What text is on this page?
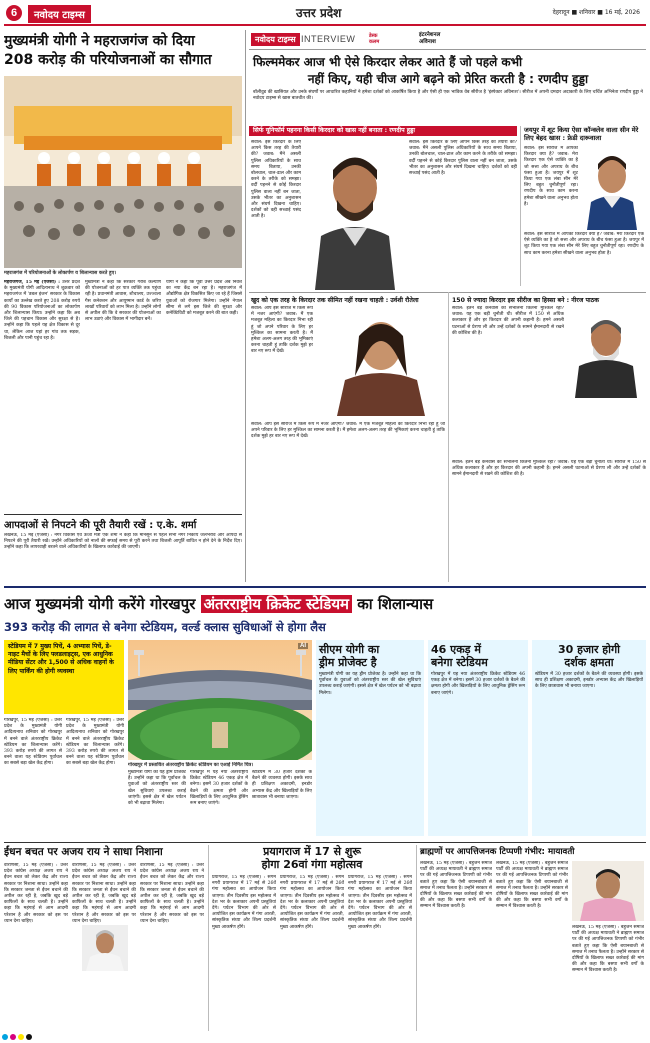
6	नवोदय टाइम्स	उत्तर प्रदेश	देहरादून ■ शनिवार ■ 16 मई, 2026
मुख्यमंत्री योगी ने महराजगंज को दिया
208 करोड़ की परियोजनाओं का सौगात
महराजगंज में परियोजनाओं के लोकार्पण व शिलान्यास करते हुए।
महराजगंज, 15 मई (एजेंसी) : उत्तर प्रदेश के मुख्यमंत्री योगी आदित्यनाथ ने शुक्रवार को महराजगंज में 'डबल इंजन' सरकार के विकास कार्यों का उल्लेख करते हुए 208 करोड़ रुपये की 90 विकास परियोजनाओं का लोकार्पण और शिलान्यास किया। उन्होंने कहा कि अब जिले की पहचान विकास और सुरक्षा से है। उन्होंने कहा कि पहले यह क्षेत्र विकास से दूर था, लेकिन आज यहां हर गांव तक सड़क, बिजली और पानी पहुंच रहा है।
मुख्यमंत्री ने कहा कि सरकार गरीब कल्याण की योजनाओं को हर पात्र व्यक्ति तक पहुंचा रही है। प्रधानमंत्री आवास, शौचालय, उज्ज्वला गैस कनेक्शन और आयुष्मान कार्ड के जरिए लाखों परिवारों को लाभ मिला है। उन्होंने लोगों से अपील की कि वे सरकार की योजनाओं का लाभ उठाएं और विकास में भागीदार बनें।
योगी ने कहा कि पूर्वी उत्तर प्रदेश अब निवेश का नया केंद्र बन रहा है। महराजगंज में औद्योगिक क्षेत्र विकसित किए जा रहे हैं जिससे युवाओं को रोजगार मिलेगा। उन्होंने नेपाल सीमा से लगे इस जिले की सुरक्षा और कनेक्टिविटी को मजबूत करने की बात कही।
आपदाओं से निपटने की पूरी तैयारी रखें : ए.के. शर्मा
लखनऊ, 15 मई (एजेंसी) : नगर विकास एवं ऊर्जा मंत्री एके शर्मा ने कहा कि मानसून से पहले सभी नगर निकाय जलभराव और आपदा से निपटने की पूरी तैयारी रखें। उन्होंने अधिकारियों को नालों की सफाई समय से पूरी करने तथा बिजली आपूर्ति बाधित न होने देने के निर्देश दिए। उन्होंने कहा कि लापरवाही बरतने वाले अधिकारियों के खिलाफ कार्रवाई की जाएगी।
नवोदय टाइम्स INTERVIEW	डेस्क
कलम
इंटरनेशनल
अविनाश
फिल्ममेकर आज भी ऐसे किरदार लेकर आते हैं जो पहले कभी
नहीं किए, यही चीज आगे बढ़ने को प्रेरित करती है : रणदीप हुड्डा
बॉलीवुड की खासियत और उनके संघर्षों पर आधारित कहानियों ने हमेशा दर्शकों को आकर्षित किया है और ऐसी ही एक भाविक वेब सीरीज है 'इंस्पेक्टर अविनाश'। सीरीज में अपनी दमदार अदाकारी के लिए चर्चित अभिनेता रणदीप हुड्डा ने नवोदय टाइम्स से खास बातचीत की।
सिर्फ यूनिफॉर्म पहनना किसी किरदार को खास नहीं बनाता : रणदीप हुड्डा
सवाल: इस किरदार के लिए आपने किस तरह की तैयारी की? जवाब: मैंने असली पुलिस अधिकारियों के साथ समय बिताया, उनकी बोलचाल, चाल-ढाल और काम करने के तरीके को समझा। वर्दी पहनने से कोई किरदार पुलिस वाला नहीं बन जाता, उसके भीतर का अनुशासन और संघर्ष दिखना चाहिए। दर्शकों को वही सच्चाई पसंद आती है।
सवाल: इस किरदार के लिए आपने किस तरह की तैयारी की? जवाब: मैंने असली पुलिस अधिकारियों के साथ समय बिताया, उनकी बोलचाल, चाल-ढाल और काम करने के तरीके को समझा। वर्दी पहनने से कोई किरदार पुलिस वाला नहीं बन जाता, उसके भीतर का अनुशासन और संघर्ष दिखना चाहिए। दर्शकों को वही सच्चाई पसंद आती है।
जयपुर में शूट किया ऐसा कॉन्क्लेव वाला सीन मेरे लिए बेहद खास : फ्रेडी दारूवाला
सवाल: इस सीरीज में आपका किरदार क्या है? जवाब: मेरा किरदार एक ऐसे व्यक्ति का है जो सत्ता और अपराध के बीच फंसा हुआ है। जयपुर में शूट किया गया एक लंबा सीन मेरे लिए बहुत चुनौतीपूर्ण रहा। रणदीप के साथ काम करना हमेशा सीखने वाला अनुभव होता है।
सवाल: इस सीरीज में आपका किरदार क्या है? जवाब: मेरा किरदार एक ऐसे व्यक्ति का है जो सत्ता और अपराध के बीच फंसा हुआ है। जयपुर में शूट किया गया एक लंबा सीन मेरे लिए बहुत चुनौतीपूर्ण रहा। रणदीप के साथ काम करना हमेशा सीखने वाला अनुभव होता है।
खुद को एक तरह के किरदार तक सीमित नहीं रखना चाहती : उर्वशी रौतेला
सवाल: आप इस सीरीज में किस रूप में नजर आएंगी? जवाब: मैं एक मजबूत महिला का किरदार निभा रही हूं जो अपने परिवार के लिए हर मुश्किल का सामना करती है। मैं हमेशा अलग-अलग तरह की भूमिकाएं करना चाहती हूं ताकि दर्शक मुझे हर बार नए रूप में देखें।
सवाल: आप इस सीरीज में किस रूप में नजर आएंगी? जवाब: मैं एक मजबूत महिला का किरदार निभा रही हूं जो अपने परिवार के लिए हर मुश्किल का सामना करती है। मैं हमेशा अलग-अलग तरह की भूमिकाएं करना चाहती हूं ताकि दर्शक मुझे हर बार नए रूप में देखें।
150 से ज्यादा किरदार इस सीरीज का हिस्सा बने : नीरज पाठक
सवाल: इतने बड़े कैनवास को संभालना कितना मुश्किल रहा? जवाब: यह एक बड़ी चुनौती थी। सीरीज में 150 से अधिक कलाकार हैं और हर किरदार की अपनी कहानी है। हमने असली घटनाओं से प्रेरणा ली और उन्हें दर्शकों के सामने ईमानदारी से रखने की कोशिश की है।
सवाल: इतने बड़े कैनवास को संभालना कितना मुश्किल रहा? जवाब: यह एक बड़ी चुनौती थी। सीरीज में 150 से अधिक कलाकार हैं और हर किरदार की अपनी कहानी है। हमने असली घटनाओं से प्रेरणा ली और उन्हें दर्शकों के सामने ईमानदारी से रखने की कोशिश की है।
आज मुख्यमंत्री योगी करेंगे गोरखपुर अंतरराष्ट्रीय क्रिकेट स्टेडियम का शिलान्यास
393 करोड़ की लागत से बनेगा स्टेडियम, वर्ल्ड क्लास सुविधाओं से होगा लैस
स्टेडियम में 7 मुख्य पिचें, 4 अभ्यास पिचें, डे-नाइट मैचों के लिए फ्लडलाइट्स, एक आधुनिक मीडिया सेंटर और 1,500 से अधिक वाहनों के लिए पार्किंग की होगी व्यवस्था
गोरखपुर, 15 मई (एजेंसी) : उत्तर प्रदेश के मुख्यमंत्री योगी आदित्यनाथ शनिवार को गोरखपुर में बनने वाले अंतरराष्ट्रीय क्रिकेट स्टेडियम का शिलान्यास करेंगे। 393 करोड़ रुपये की लागत से बनने वाला यह स्टेडियम पूर्वांचल का सबसे बड़ा खेल केंद्र होगा।
गोरखपुर, 15 मई (एजेंसी) : उत्तर प्रदेश के मुख्यमंत्री योगी आदित्यनाथ शनिवार को गोरखपुर में बनने वाले अंतरराष्ट्रीय क्रिकेट स्टेडियम का शिलान्यास करेंगे। 393 करोड़ रुपये की लागत से बनने वाला यह स्टेडियम पूर्वांचल का सबसे बड़ा खेल केंद्र होगा।
AI
गोरखपुर में प्रस्तावित अंतरराष्ट्रीय क्रिकेट स्टेडियम का एआई निर्मित चित्र।
मुख्यमंत्री योगी का यह ड्रीम प्रोजेक्ट है। उन्होंने कहा था कि पूर्वांचल के युवाओं को अंतरराष्ट्रीय स्तर की खेल सुविधाएं उपलब्ध कराई जाएंगी। इससे क्षेत्र में खेल पर्यटन को भी बढ़ावा मिलेगा।
गोरखपुर में यह नया अंतरराष्ट्रीय क्रिकेट स्टेडियम 46 एकड़ क्षेत्र में बनेगा। इसमें 30 हजार दर्शकों के बैठने की क्षमता होगी और खिलाड़ियों के लिए आधुनिक ड्रेसिंग रूम बनाए जाएंगे।
स्टेडियम में 30 हजार दर्शकों के बैठने की व्यवस्था होगी। इसके साथ ही प्रशिक्षण अकादमी, इनडोर अभ्यास केंद्र और खिलाड़ियों के लिए छात्रावास भी बनाया जाएगा।
सीएम योगी का
ड्रीम प्रोजेक्ट है
मुख्यमंत्री योगी का यह ड्रीम प्रोजेक्ट है। उन्होंने कहा था कि पूर्वांचल के युवाओं को अंतरराष्ट्रीय स्तर की खेल सुविधाएं उपलब्ध कराई जाएंगी। इससे क्षेत्र में खेल पर्यटन को भी बढ़ावा मिलेगा।
46 एकड़ में
बनेगा स्टेडियम
गोरखपुर में यह नया अंतरराष्ट्रीय क्रिकेट स्टेडियम 46 एकड़ क्षेत्र में बनेगा। इसमें 30 हजार दर्शकों के बैठने की क्षमता होगी और खिलाड़ियों के लिए आधुनिक ड्रेसिंग रूम बनाए जाएंगे।
30 हजार होगी
दर्शक क्षमता
स्टेडियम में 30 हजार दर्शकों के बैठने की व्यवस्था होगी। इसके साथ ही प्रशिक्षण अकादमी, इनडोर अभ्यास केंद्र और खिलाड़ियों के लिए छात्रावास भी बनाया जाएगा।
ईंधन बचत पर अजय राय ने साधा निशाना
वाराणसी, 15 मई (एजेंसी) : उत्तर प्रदेश कांग्रेस अध्यक्ष अजय राय ने ईंधन बचत को लेकर केंद्र और राज्य सरकार पर निशाना साधा। उन्होंने कहा कि सरकार जनता से ईंधन बचाने की अपील कर रही है, जबकि खुद बड़े काफिलों के साथ चलती है। उन्होंने कहा कि महंगाई से आम आदमी परेशान है और सरकार को इस पर ध्यान देना चाहिए।
वाराणसी, 15 मई (एजेंसी) : उत्तर प्रदेश कांग्रेस अध्यक्ष अजय राय ने ईंधन बचत को लेकर केंद्र और राज्य सरकार पर निशाना साधा। उन्होंने कहा कि सरकार जनता से ईंधन बचाने की अपील कर रही है, जबकि खुद बड़े काफिलों के साथ चलती है। उन्होंने कहा कि महंगाई से आम आदमी परेशान है और सरकार को इस पर ध्यान देना चाहिए।
वाराणसी, 15 मई (एजेंसी) : उत्तर प्रदेश कांग्रेस अध्यक्ष अजय राय ने ईंधन बचत को लेकर केंद्र और राज्य सरकार पर निशाना साधा। उन्होंने कहा कि सरकार जनता से ईंधन बचाने की अपील कर रही है, जबकि खुद बड़े काफिलों के साथ चलती है। उन्होंने कहा कि महंगाई से आम आदमी परेशान है और सरकार को इस पर ध्यान देना चाहिए।
प्रयागराज में 17 से शुरू
होगा 26वां गंगा महोत्सव
प्रयागराज, 15 मई (एजेंसी) : संगम नगरी प्रयागराज में 17 मई से 26वें गंगा महोत्सव का आयोजन किया जाएगा। तीन दिवसीय इस महोत्सव में देश भर के कलाकार अपनी प्रस्तुतियां देंगे। पर्यटन विभाग की ओर से आयोजित इस कार्यक्रम में गंगा आरती, सांस्कृतिक संध्या और शिल्प प्रदर्शनी मुख्य आकर्षण होंगे।
प्रयागराज, 15 मई (एजेंसी) : संगम नगरी प्रयागराज में 17 मई से 26वें गंगा महोत्सव का आयोजन किया जाएगा। तीन दिवसीय इस महोत्सव में देश भर के कलाकार अपनी प्रस्तुतियां देंगे। पर्यटन विभाग की ओर से आयोजित इस कार्यक्रम में गंगा आरती, सांस्कृतिक संध्या और शिल्प प्रदर्शनी मुख्य आकर्षण होंगे।
प्रयागराज, 15 मई (एजेंसी) : संगम नगरी प्रयागराज में 17 मई से 26वें गंगा महोत्सव का आयोजन किया जाएगा। तीन दिवसीय इस महोत्सव में देश भर के कलाकार अपनी प्रस्तुतियां देंगे। पर्यटन विभाग की ओर से आयोजित इस कार्यक्रम में गंगा आरती, सांस्कृतिक संध्या और शिल्प प्रदर्शनी मुख्य आकर्षण होंगे।
ब्राह्मणों पर आपत्तिजनक टिप्पणी गंभीर: मायावती
लखनऊ, 15 मई (एजेंसी) : बहुजन समाज पार्टी की अध्यक्ष मायावती ने ब्राह्मण समाज पर की गई आपत्तिजनक टिप्पणी को गंभीर बताते हुए कहा कि ऐसी बयानबाजी से समाज में तनाव फैलता है। उन्होंने सरकार से दोषियों के खिलाफ सख्त कार्रवाई की मांग की और कहा कि बसपा सभी वर्गों के सम्मान में विश्वास करती है।
लखनऊ, 15 मई (एजेंसी) : बहुजन समाज पार्टी की अध्यक्ष मायावती ने ब्राह्मण समाज पर की गई आपत्तिजनक टिप्पणी को गंभीर बताते हुए कहा कि ऐसी बयानबाजी से समाज में तनाव फैलता है। उन्होंने सरकार से दोषियों के खिलाफ सख्त कार्रवाई की मांग की और कहा कि बसपा सभी वर्गों के सम्मान में विश्वास करती है।
लखनऊ, 15 मई (एजेंसी) : बहुजन समाज पार्टी की अध्यक्ष मायावती ने ब्राह्मण समाज पर की गई आपत्तिजनक टिप्पणी को गंभीर बताते हुए कहा कि ऐसी बयानबाजी से समाज में तनाव फैलता है। उन्होंने सरकार से दोषियों के खिलाफ सख्त कार्रवाई की मांग की और कहा कि बसपा सभी वर्गों के सम्मान में विश्वास करती है।
